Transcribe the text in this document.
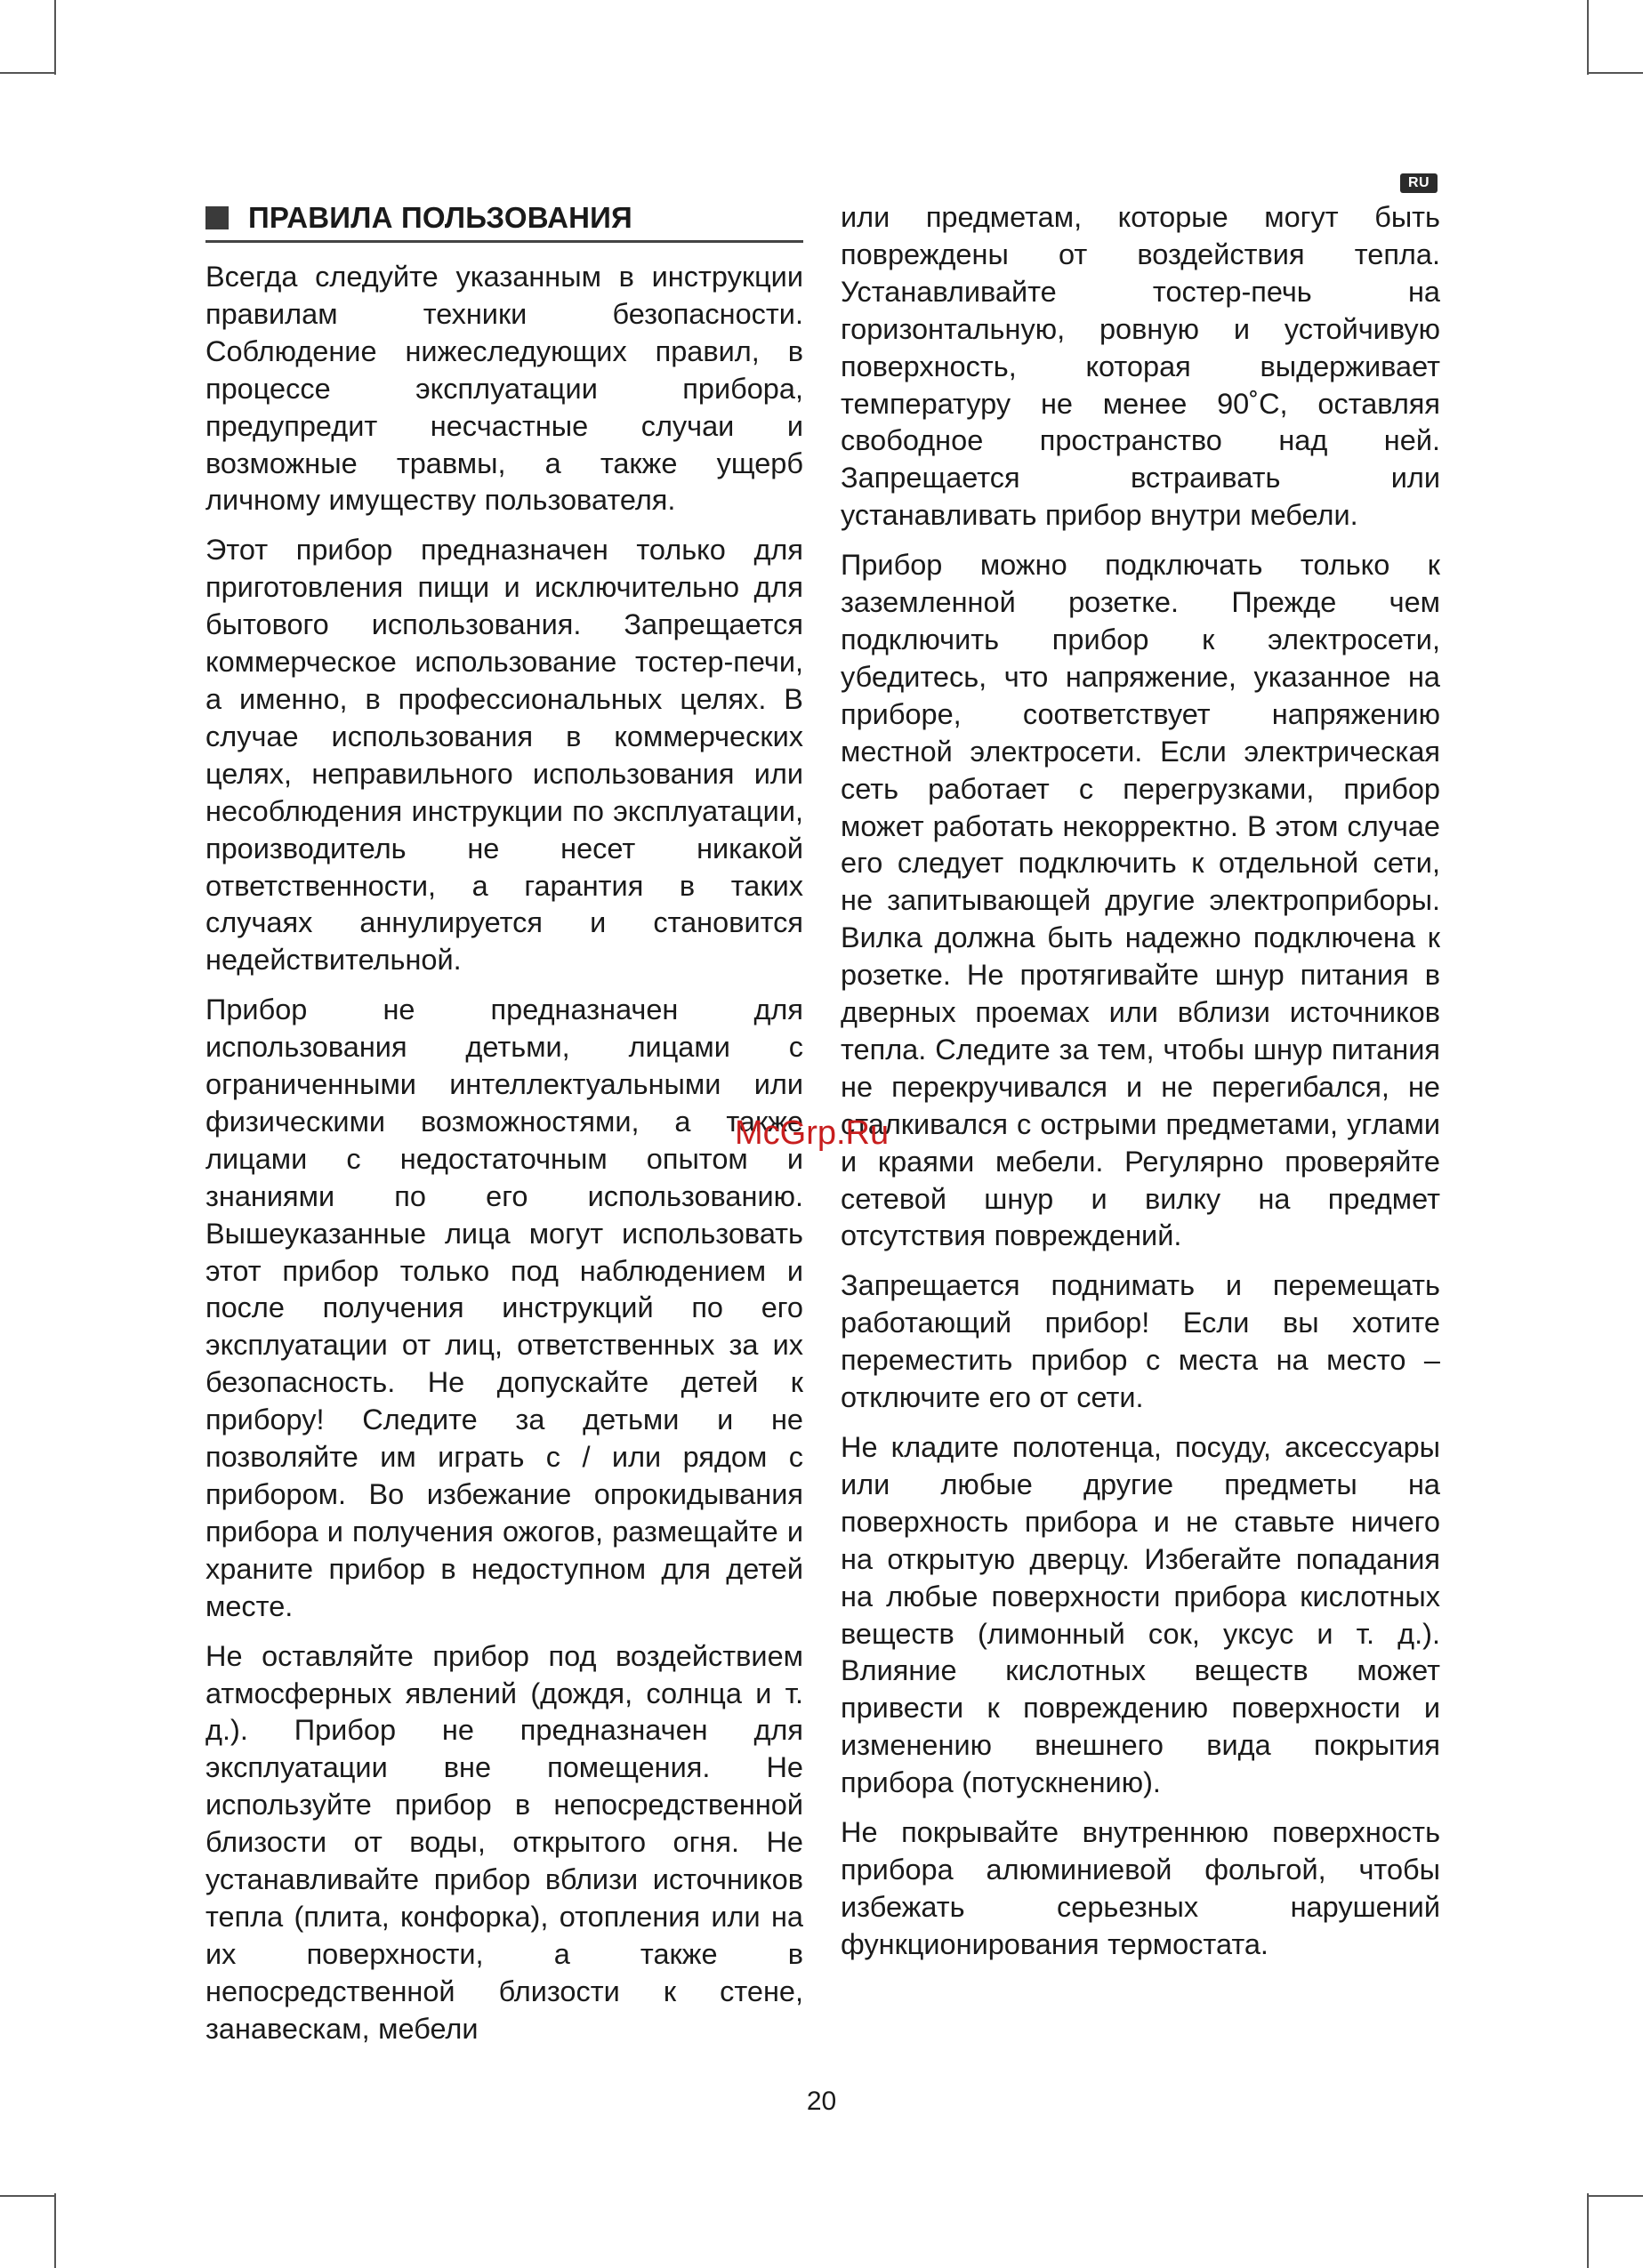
RU
ПРАВИЛА ПОЛЬЗОВАНИЯ

Всегда следуйте указанным в инструкции правилам техники безопасности. Соблюдение нижеследующих правил, в процессе эксплуатации прибора, предупредит несчастные случаи и возможные травмы, а также ущерб личному имуществу пользователя.

Этот прибор предназначен только для приготовления пищи и исключительно для бытового использования. Запрещается коммерческое использование тостер-печи, а именно, в профессиональных целях. В случае использования в коммерческих целях, неправильного использования или несоблюдения инструкции по эксплуатации, производитель не несет никакой ответственности, а гарантия в таких случаях аннулируется и становится недействительной.

Прибор не предназначен для использования детьми, лицами с ограниченными интеллектуальными или физическими возможностями, а также лицами с недостаточным опытом и знаниями по его использованию. Вышеуказанные лица могут использовать этот прибор только под наблюдением и после получения инструкций по его эксплуатации от лиц, ответственных за их безопасность. Не допускайте детей к прибору! Следите за детьми и не позволяйте им играть с / или рядом с прибором. Во избежание опрокидывания прибора и получения ожогов, размещайте и храните прибор в недоступном для детей месте.

Не оставляйте прибор под воздействием атмосферных явлений (дождя, солнца и т. д.). Прибор не предназначен для эксплуатации вне помещения. Не используйте прибор в непосредственной близости от воды, открытого огня. Не устанавливайте прибор вблизи источников тепла (плита, конфорка), отопления или на их поверхности, а также в непосредственной близости к стене, занавескам, мебели

или предметам, которые могут быть повреждены от воздействия тепла. Устанавливайте тостер-печь на горизонтальную, ровную и устойчивую поверхность, которая выдерживает температуру не менее 90˚С, оставляя свободное пространство над ней. Запрещается встраивать или устанавливать прибор внутри мебели.

Прибор можно подключать только к заземленной розетке. Прежде чем подключить прибор к электросети, убедитесь, что напряжение, указанное на приборе, соответствует напряжению местной электросети. Если электрическая сеть работает с перегрузками, прибор может работать некорректно. В этом случае его следует подключить к отдельной сети, не запитывающей другие электроприборы. Вилка должна быть надежно подключена к розетке. Не протягивайте шнур питания в дверных проемах или вблизи источников тепла. Следите за тем, чтобы шнур питания не перекручивался и не перегибался, не сталкивался с острыми предметами, углами и краями мебели. Регулярно проверяйте сетевой шнур и вилку на предмет отсутствия повреждений.

Запрещается поднимать и перемещать работающий прибор! Если вы хотите переместить прибор с места на место – отключите его от сети.

Не кладите полотенца, посуду, аксессуары или любые другие предметы на поверхность прибора и не ставьте ничего на открытую дверцу. Избегайте попадания на любые поверхности прибора кислотных веществ (лимонный сок, уксус и т. д.). Влияние кислотных веществ может привести к повреждению поверхности и изменению внешнего вида покрытия прибора (потускнению).

Не покрывайте внутреннюю поверхность прибора алюминиевой фольгой, чтобы избежать серьезных нарушений функционирования термостата.

McGrp.Ru
20
